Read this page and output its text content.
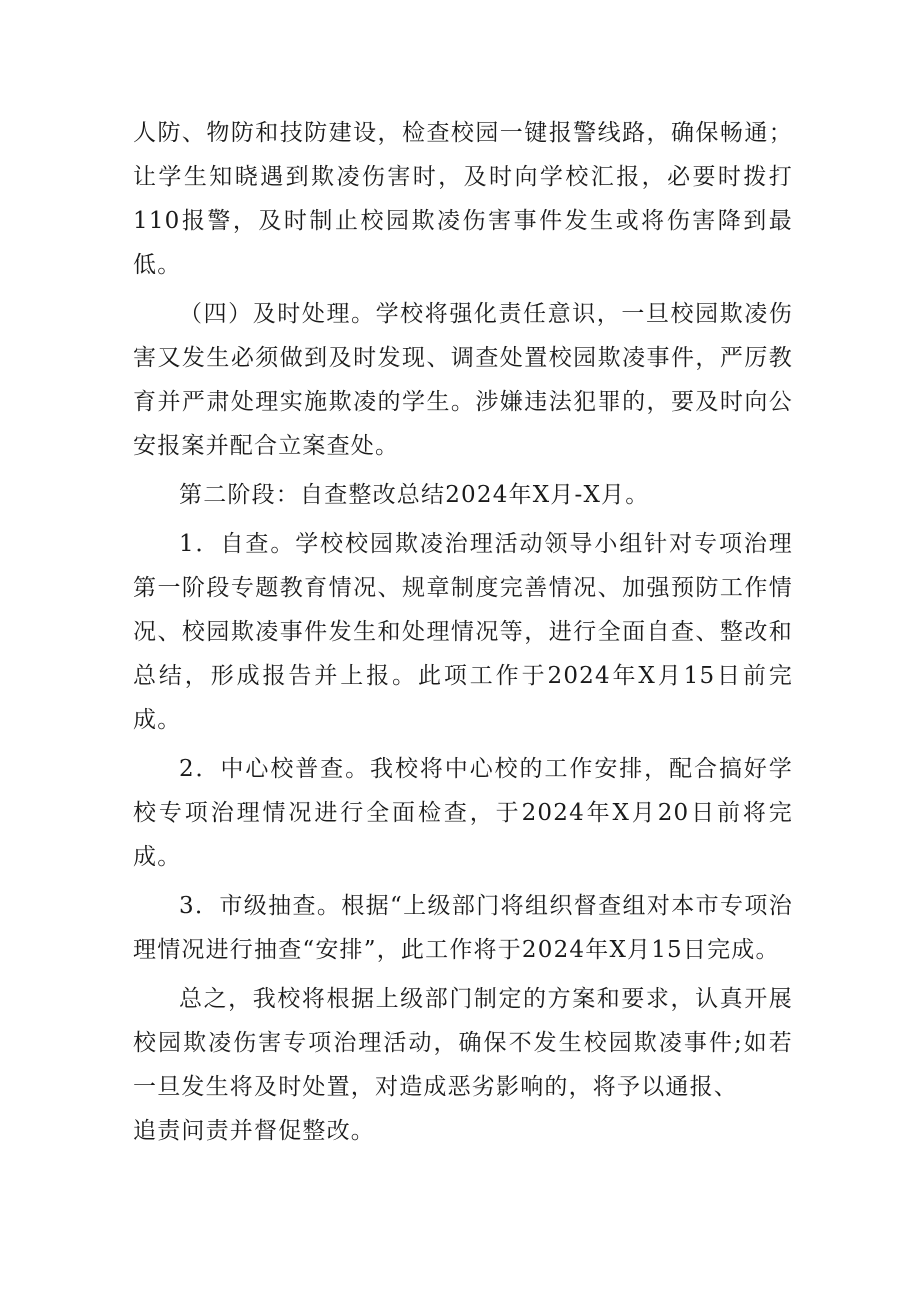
人防、物防和技防建设，检查校园一键报警线路，确保畅通；让学生知晓遇到欺凌伤害时，及时向学校汇报，必要时拨打110报警，及时制止校园欺凌伤害事件发生或将伤害降到最低。

（四）及时处理。学校将强化责任意识，一旦校园欺凌伤害又发生必须做到及时发现、调查处置校园欺凌事件，严厉教育并严肃处理实施欺凌的学生。涉嫌违法犯罪的，要及时向公安报案并配合立案查处。

第二阶段：自查整改总结2024年X月-X月。

1．自查。学校校园欺凌治理活动领导小组针对专项治理第一阶段专题教育情况、规章制度完善情况、加强预防工作情况、校园欺凌事件发生和处理情况等，进行全面自查、整改和总结，形成报告并上报。此项工作于2024年X月15日前完成。

2．中心校普查。我校将中心校的工作安排，配合搞好学校专项治理情况进行全面检查，于2024年X月20日前将完成。

3．市级抽查。根据“上级部门将组织督查组对本市专项治理情况进行抽查“安排”，此工作将于2024年X月15日完成。

总之，我校将根据上级部门制定的方案和要求，认真开展校园欺凌伤害专项治理活动，确保不发生校园欺凌事件;如若一旦发生将及时处置，对造成恶劣影响的，将予以通报、

追责问责并督促整改。
